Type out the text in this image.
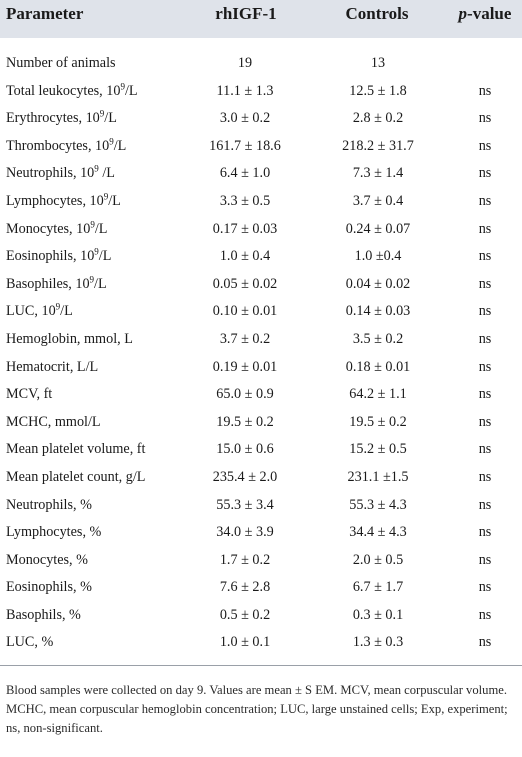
Parameter	rhIGF-1	Controls	p-value
Number of animals	19	13
Total leukocytes, $10^9/L$	11.1 ± 1.3	12.5 ± 1.8	ns
Erythrocytes, $10^9/L$	3.0 ± 0.2	2.8 ± 0.2	ns
Thrombocytes, $10^9/L$	161.7 ± 18.6	218.2 ± 31.7	ns
Neutrophils, $10^9$ /L	6.4 ± 1.0	7.3 ± 1.4	ns
Lymphocytes, $10^9/L$	3.3 ± 0.5	3.7 ± 0.4	ns
Monocytes, $10^9/L$	0.17 ± 0.03	0.24 ± 0.07	ns
Eosinophils, $10^9/L$	1.0 ± 0.4	1.0 ±0.4	ns
Basophiles, $10^9/L$	0.05 ± 0.02	0.04 ± 0.02	ns
LUC, $10^9/L$	0.10 ± 0.01	0.14 ± 0.03	ns
Hemoglobin, mmol, L	3.7 ± 0.2	3.5 ± 0.2	ns
Hematocrit, L/L	0.19 ± 0.01	0.18 ± 0.01	ns
MCV, ft	65.0 ± 0.9	64.2 ± 1.1	ns
MCHC, mmol/L	19.5 ± 0.2	19.5 ± 0.2	ns
Mean platelet volume, ft	15.0 ± 0.6	15.2 ± 0.5	ns
Mean platelet count, g/L	235.4 ± 2.0	231.1 ±1.5	ns
Neutrophils, %	55.3 ± 3.4	55.3 ± 4.3	ns
Lymphocytes, %	34.0 ± 3.9	34.4 ± 4.3	ns
Monocytes, %	1.7 ± 0.2	2.0 ± 0.5	ns
Eosinophils, %	7.6 ± 2.8	6.7 ± 1.7	ns
Basophils, %	0.5 ± 0.2	0.3 ± 0.1	ns
LUC, %	1.0 ± 0.1	1.3 ± 0.3	ns
Blood samples were collected on day 9. Values are mean ± S EM. MCV, mean corpuscular volume. MCHC, mean corpuscular hemoglobin concentration; LUC, large unstained cells; Exp, experiment; ns, non-significant.
